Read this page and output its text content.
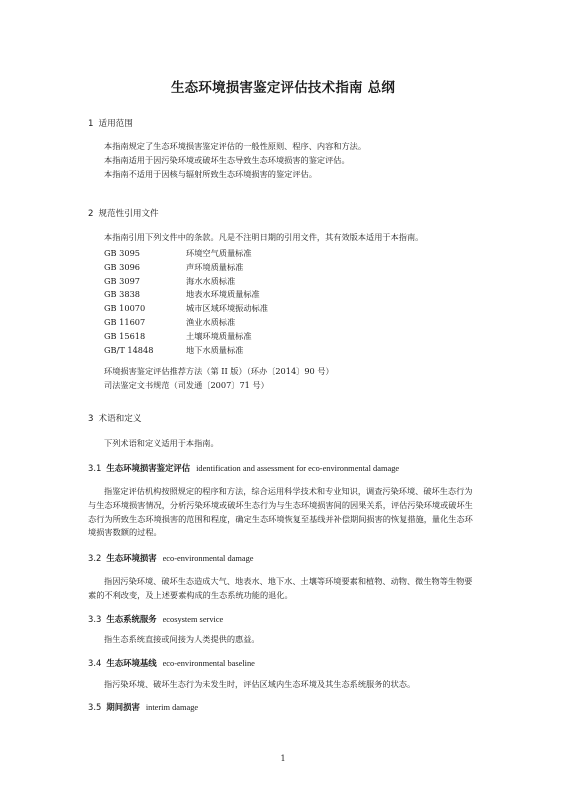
生态环境损害鉴定评估技术指南 总纲
1 适用范围

本指南规定了生态环境损害鉴定评估的一般性原则、程序、内容和方法。

本指南适用于因污染环境或破坏生态导致生态环境损害的鉴定评估。

本指南不适用于因核与辐射所致生态环境损害的鉴定评估。

2 规范性引用文件

本指南引用下列文件中的条款。凡是不注明日期的引用文件，其有效版本适用于本指南。

GB 3095	环境空气质量标准
GB 3096	声环境质量标准
GB 3097	海水水质标准
GB 3838	地表水环境质量标准
GB 10070	城市区域环境振动标准
GB 11607	渔业水质标准
GB 15618	土壤环境质量标准
GB/T 14848	地下水质量标准
环境损害鉴定评估推荐方法（第 II 版）（环办〔2014〕90 号）
司法鉴定文书规范（司发通〔2007〕71 号）
3 术语和定义

下列术语和定义适用于本指南。

3.1 生态环境损害鉴定评估 identification and assessment for eco-environmental damage

指鉴定评估机构按照规定的程序和方法，综合运用科学技术和专业知识，调查污染环境、破坏生态行为与生态环境损害情况，分析污染环境或破坏生态行为与生态环境损害间的因果关系，评估污染环境或破坏生态行为所致生态环境损害的范围和程度，确定生态环境恢复至基线并补偿期间损害的恢复措施，量化生态环境损害数额的过程。

3.2 生态环境损害 eco-environmental damage

指因污染环境、破坏生态造成大气、地表水、地下水、土壤等环境要素和植物、动物、微生物等生物要素的不利改变，及上述要素构成的生态系统功能的退化。

3.3 生态系统服务 ecosystem service

指生态系统直接或间接为人类提供的惠益。

3.4 生态环境基线 eco-environmental baseline

指污染环境、破坏生态行为未发生时，评估区域内生态环境及其生态系统服务的状态。

3.5 期间损害 interim damage
1
